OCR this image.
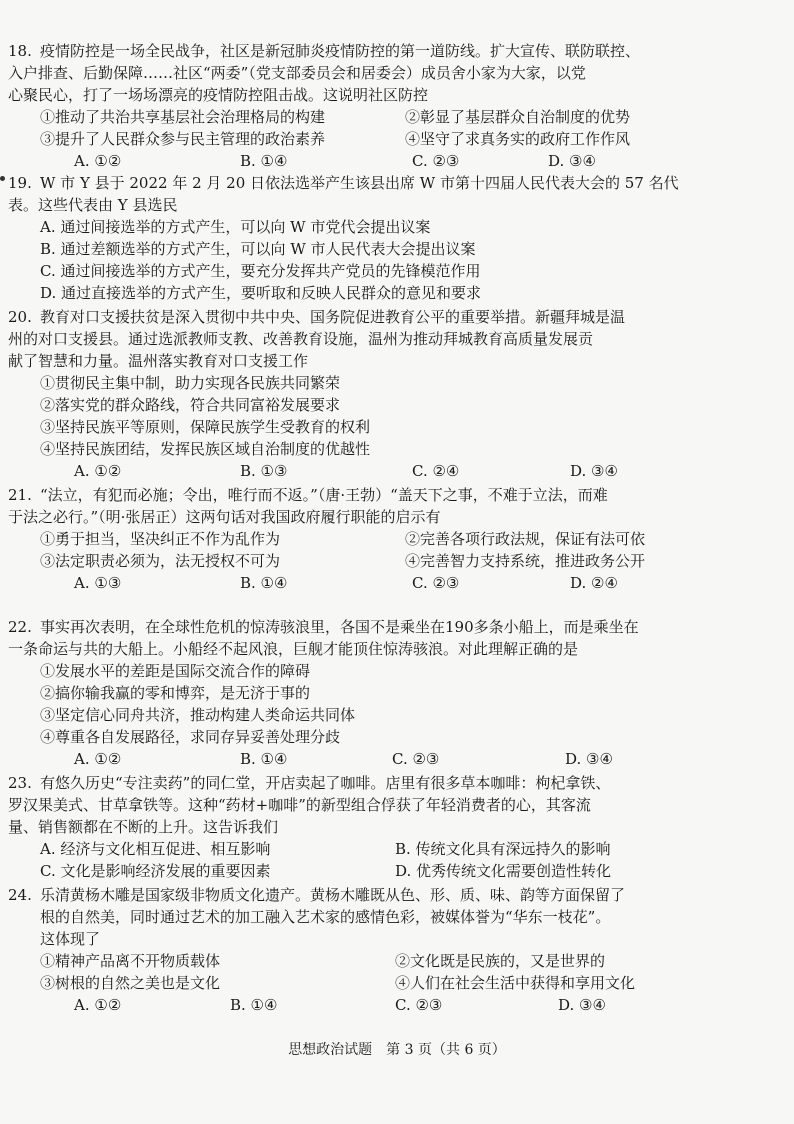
18. 疫情防控是一场全民战争，社区是新冠肺炎疫情防控的第一道防线。扩大宣传、联防联控、
入户排查、后勤保障……社区“两委”（党支部委员会和居委会）成员舍小家为大家，以党
心聚民心，打了一场场漂亮的疫情防控阻击战。这说明社区防控
①推动了共治共享基层社会治理格局的构建	②彰显了基层群众自治制度的优势
③提升了人民群众参与民主管理的政治素养	④坚守了求真务实的政府工作作风
A. ①②	B. ①④	C. ②③	D. ③④
19. W 市 Y 县于 2022 年 2 月 20 日依法选举产生该县出席 W 市第十四届人民代表大会的 57 名代
表。这些代表由 Y 县选民
A. 通过间接选举的方式产生，可以向 W 市党代会提出议案
B. 通过差额选举的方式产生，可以向 W 市人民代表大会提出议案
C. 通过间接选举的方式产生，要充分发挥共产党员的先锋模范作用
D. 通过直接选举的方式产生，要听取和反映人民群众的意见和要求
20. 教育对口支援扶贫是深入贯彻中共中央、国务院促进教育公平的重要举措。新疆拜城是温
州的对口支援县。通过选派教师支教、改善教育设施，温州为推动拜城教育高质量发展贡
献了智慧和力量。温州落实教育对口支援工作
①贯彻民主集中制，助力实现各民族共同繁荣
②落实党的群众路线，符合共同富裕发展要求
③坚持民族平等原则，保障民族学生受教育的权利
④坚持民族团结，发挥民族区域自治制度的优越性
A. ①②	B. ①③	C. ②④	D. ③④
21. “法立，有犯而必施；令出，唯行而不返。”（唐·王勃）“盖天下之事，不难于立法，而难
于法之必行。”（明·张居正）这两句话对我国政府履行职能的启示有
①勇于担当，坚决纠正不作为乱作为	②完善各项行政法规，保证有法可依
③法定职责必须为，法无授权不可为	④完善智力支持系统，推进政务公开
A. ①③	B. ①④	C. ②③	D. ②④
22. 事实再次表明，在全球性危机的惊涛骇浪里，各国不是乘坐在190多条小船上，而是乘坐在
一条命运与共的大船上。小船经不起风浪，巨舰才能顶住惊涛骇浪。对此理解正确的是
①发展水平的差距是国际交流合作的障碍
②搞你输我赢的零和博弈，是无济于事的
③坚定信心同舟共济，推动构建人类命运共同体
④尊重各自发展路径，求同存异妥善处理分歧
A. ①②	B. ①④	C. ②③	D. ③④
23. 有悠久历史“专注卖药”的同仁堂，开店卖起了咖啡。店里有很多草本咖啡：枸杞拿铁、
罗汉果美式、甘草拿铁等。这种“药材+咖啡”的新型组合俘获了年轻消费者的心，其客流
量、销售额都在不断的上升。这告诉我们
A. 经济与文化相互促进、相互影响	B. 传统文化具有深远持久的影响
C. 文化是影响经济发展的重要因素	D. 优秀传统文化需要创造性转化
24. 乐清黄杨木雕是国家级非物质文化遗产。黄杨木雕既从色、形、质、味、韵等方面保留了
根的自然美，同时通过艺术的加工融入艺术家的感情色彩，被媒体誉为“华东一枝花”。
这体现了
①精神产品离不开物质载体	②文化既是民族的，又是世界的
③树根的自然之美也是文化	④人们在社会生活中获得和享用文化
A. ①②	B. ①④	C. ②③	D. ③④
思想政治试题　第 3 页（共 6 页）
